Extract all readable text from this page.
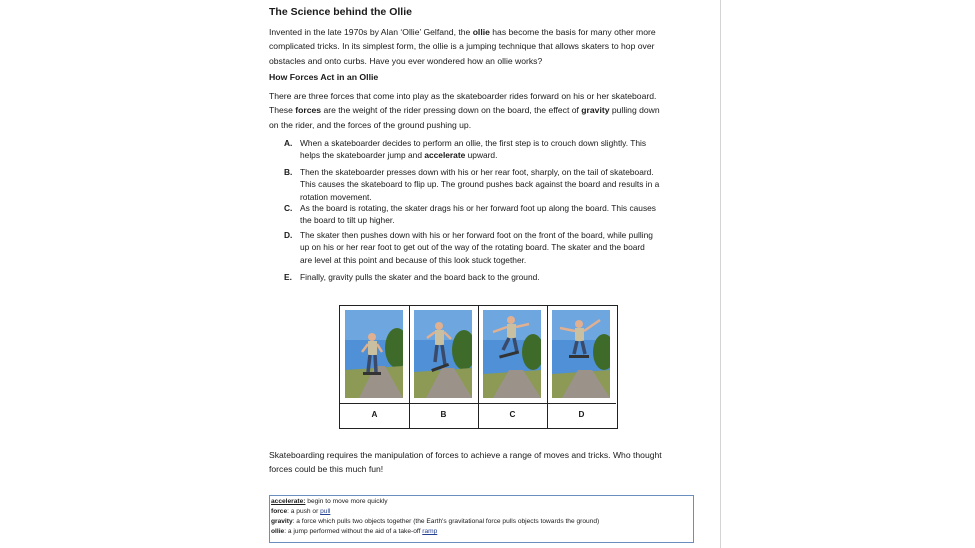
The Science behind the Ollie
Invented in the late 1970s by Alan ‘Ollie’ Gelfand, the ollie has become the basis for many other more
complicated tricks. In its simplest form, the ollie is a jumping technique that allows skaters to hop over
obstacles and onto curbs. Have you ever wondered how an ollie works?
How Forces Act in an Ollie
There are three forces that come into play as the skateboarder rides forward on his or her skateboard.
These forces are the weight of the rider pressing down on the board, the effect of gravity pulling down
on the rider, and the forces of the ground pushing up.
A. When a skateboarder decides to perform an ollie, the first step is to crouch down slightly. This
helps the skateboarder jump and accelerate upward.
B. Then the skateboarder presses down with his or her rear foot, sharply, on the tail of skateboard.
This causes the skateboard to flip up. The ground pushes back against the board and results in a
rotation movement.
C. As the board is rotating, the skater drags his or her forward foot up along the board. This causes
the board to tilt up higher.
D. The skater then pushes down with his or her forward foot on the front of the board, while pulling
up on his or her rear foot to get out of the way of the rotating board. The skater and the board
are level at this point and because of this look stuck together.
E. Finally, gravity pulls the skater and the board back to the ground.
A	B	C	D
Skateboarding requires the manipulation of forces to achieve a range of moves and tricks. Who thought
forces could be this much fun!
accelerate: begin to move more quickly
force: a push or pull
gravity: a force which pulls two objects together (the Earth's gravitational force pulls objects towards the ground)
ollie: a jump performed without the aid of a take-off ramp
